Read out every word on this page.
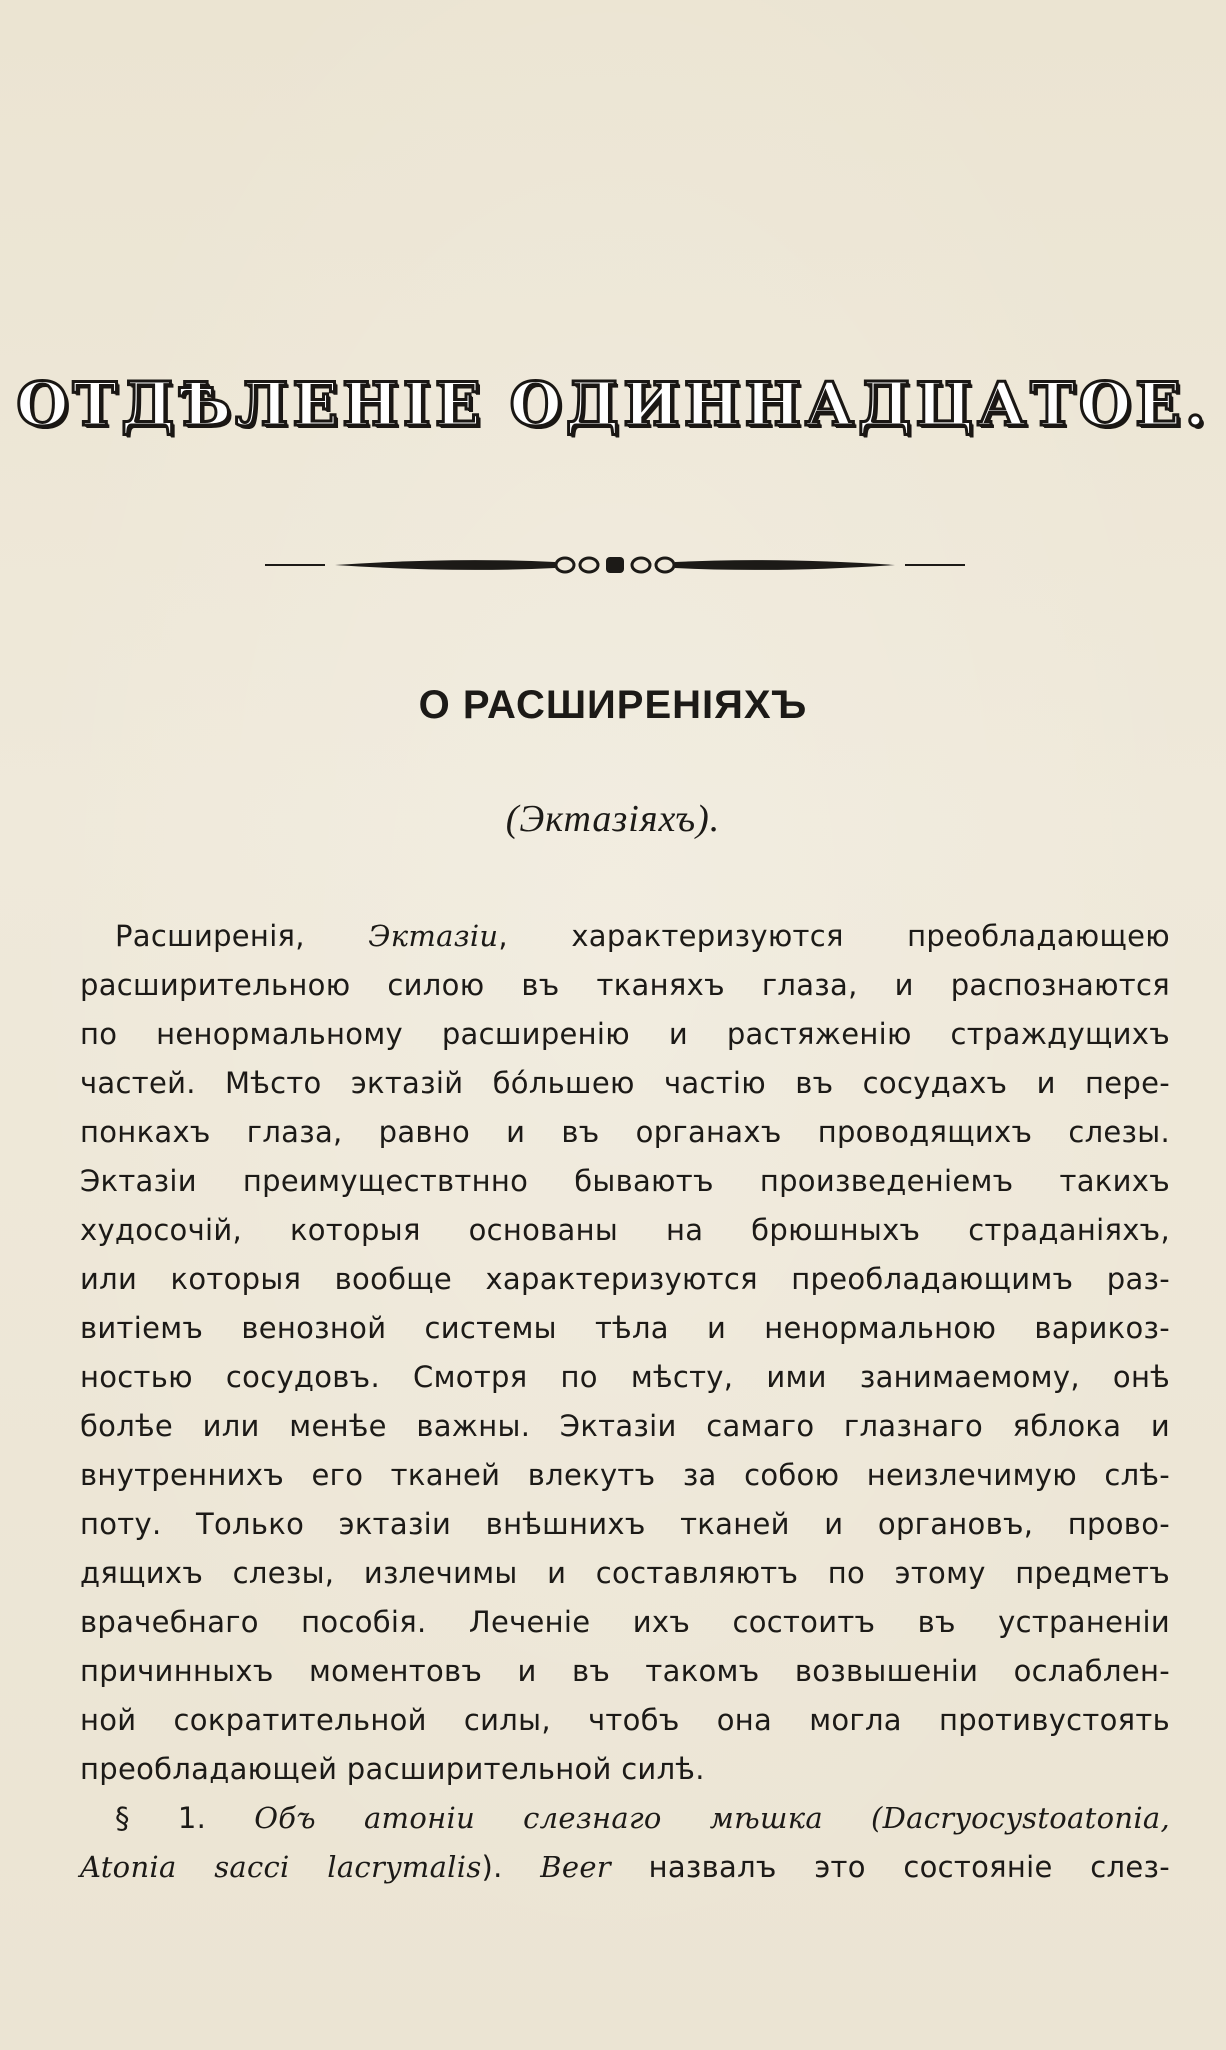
ОТДѢЛЕНІЕ ОДИННАДЦАТОЕ.
О РАСШИРЕНІЯХЪ
(Эктазіяхъ).
Расширенія, Эктазіи, характеризуются преобладающею
расширительною силою въ тканяхъ глаза, и распознаются
по ненормальному расширенію и растяженію страждущихъ
частей. Мѣсто эктазій бо́льшею частію въ сосудахъ и пере-
понкахъ глаза, равно и въ органахъ проводящихъ слезы.
Эктазіи преимуществтнно бываютъ произведеніемъ такихъ
худосочій, которыя основаны на брюшныхъ страданіяхъ,
или которыя вообще характеризуются преобладающимъ раз-
витіемъ венозной системы тѣла и ненормальною варикоз-
ностью сосудовъ. Смотря по мѣсту, ими занимаемому, онѣ
болѣе или менѣе важны. Эктазіи самаго глазнаго яблока и
внутреннихъ его тканей влекутъ за собою неизлечимую слѣ-
поту. Только эктазіи внѣшнихъ тканей и органовъ, прово-
дящихъ слезы, излечимы и составляютъ по этому предметъ
врачебнаго пособія. Леченіе ихъ состоитъ въ устраненіи
причинныхъ моментовъ и въ такомъ возвышеніи ослаблен-
ной сократительной силы, чтобъ она могла противустоять
преобладающей расширительной силѣ.
§ 1. Объ атоніи слезнаго мѣшка (Dacryocystoatonia,
Atonia sacci lacrymalis). Beer назвалъ это состояніе слез-
